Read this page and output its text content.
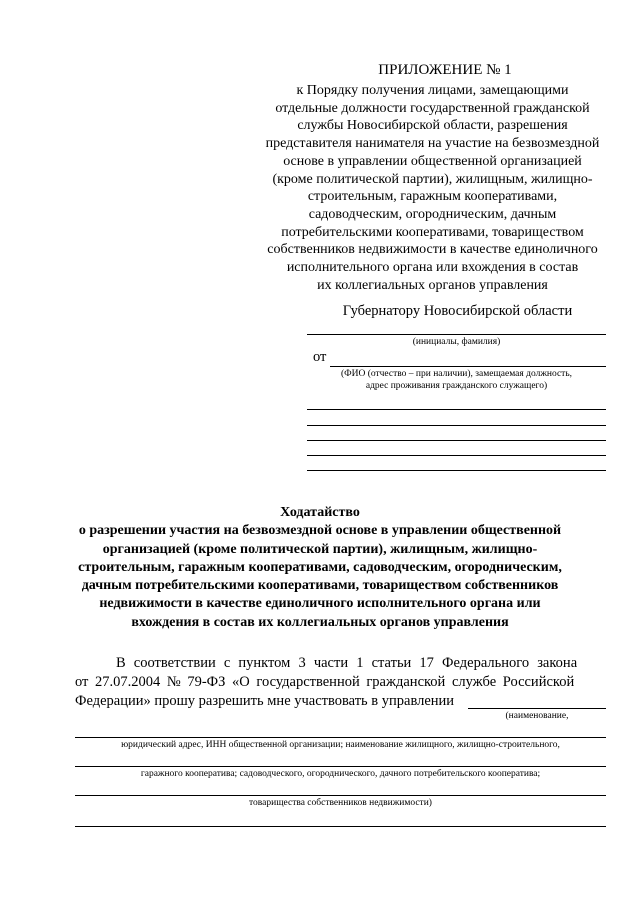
ПРИЛОЖЕНИЕ № 1
к Порядку получения лицами, замещающими
отдельные должности государственной гражданской
службы Новосибирской области, разрешения
представителя нанимателя на участие на безвозмездной
основе в управлении общественной организацией
(кроме политической партии), жилищным, жилищно-
строительным, гаражным кооперативами,
садоводческим, огородническим, дачным
потребительскими кооперативами, товариществом
собственников недвижимости в качестве единоличного
исполнительного органа или вхождения в состав
их коллегиальных органов управления
Губернатору Новосибирской области
(инициалы, фамилия)
от
(ФИО (отчество – при наличии), замещаемая должность,
адрес проживания гражданского служащего)
Ходатайство
о разрешении участия на безвозмездной основе в управлении общественной
организацией (кроме политической партии), жилищным, жилищно-
строительным, гаражным кооперативами, садоводческим, огородническим,
дачным потребительскими кооперативами, товариществом собственников
недвижимости в качестве единоличного исполнительного органа или
вхождения в состав их коллегиальных органов управления
В соответствии с пунктом 3 части 1 статьи 17 Федерального закона
от 27.07.2004 № 79-ФЗ «О государственной гражданской службе Российской
Федерации» прошу разрешить мне участвовать в управлении
(наименование,
юридический адрес, ИНН общественной организации; наименование жилищного, жилищно-строительного,
гаражного кооператива; садоводческого, огороднического, дачного потребительского кооператива;
товарищества собственников недвижимости)
